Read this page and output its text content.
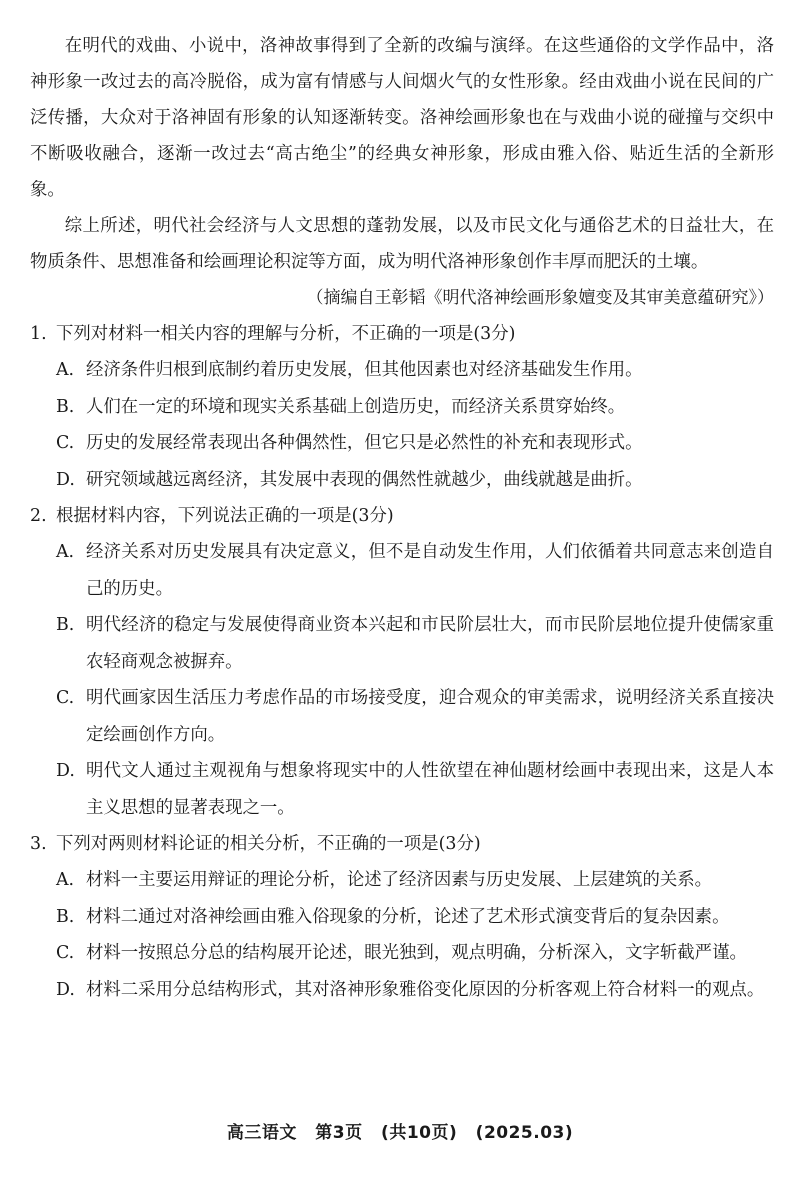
在明代的戏曲、小说中，洛神故事得到了全新的改编与演绎。在这些通俗的文学作品中，洛神形象一改过去的高冷脱俗，成为富有情感与人间烟火气的女性形象。经由戏曲小说在民间的广泛传播，大众对于洛神固有形象的认知逐渐转变。洛神绘画形象也在与戏曲小说的碰撞与交织中不断吸收融合，逐渐一改过去“高古绝尘”的经典女神形象，形成由雅入俗、贴近生活的全新形象。

综上所述，明代社会经济与人文思想的蓬勃发展，以及市民文化与通俗艺术的日益壮大，在物质条件、思想准备和绘画理论积淀等方面，成为明代洛神形象创作丰厚而肥沃的土壤。

（摘编自王彰韬《明代洛神绘画形象嬗变及其审美意蕴研究》）

1. 下列对材料一相关内容的理解与分析，不正确的一项是(3分)

A. 经济条件归根到底制约着历史发展，但其他因素也对经济基础发生作用。
B. 人们在一定的环境和现实关系基础上创造历史，而经济关系贯穿始终。
C. 历史的发展经常表现出各种偶然性，但它只是必然性的补充和表现形式。
D. 研究领域越远离经济，其发展中表现的偶然性就越少，曲线就越是曲折。

2. 根据材料内容，下列说法正确的一项是(3分)

A. 经济关系对历史发展具有决定意义，但不是自动发生作用，人们依循着共同意志来创造自己的历史。
B. 明代经济的稳定与发展使得商业资本兴起和市民阶层壮大，而市民阶层地位提升使儒家重农轻商观念被摒弃。
C. 明代画家因生活压力考虑作品的市场接受度，迎合观众的审美需求，说明经济关系直接决定绘画创作方向。
D. 明代文人通过主观视角与想象将现实中的人性欲望在神仙题材绘画中表现出来，这是人本主义思想的显著表现之一。

3. 下列对两则材料论证的相关分析，不正确的一项是(3分)

A. 材料一主要运用辩证的理论分析，论述了经济因素与历史发展、上层建筑的关系。
B. 材料二通过对洛神绘画由雅入俗现象的分析，论述了艺术形式演变背后的复杂因素。
C. 材料一按照总分总的结构展开论述，眼光独到，观点明确，分析深入，文字斩截严谨。
D. 材料二采用分总结构形式，其对洛神形象雅俗变化原因的分析客观上符合材料一的观点。
高三语文 第3页 (共10页) (2025.03)
